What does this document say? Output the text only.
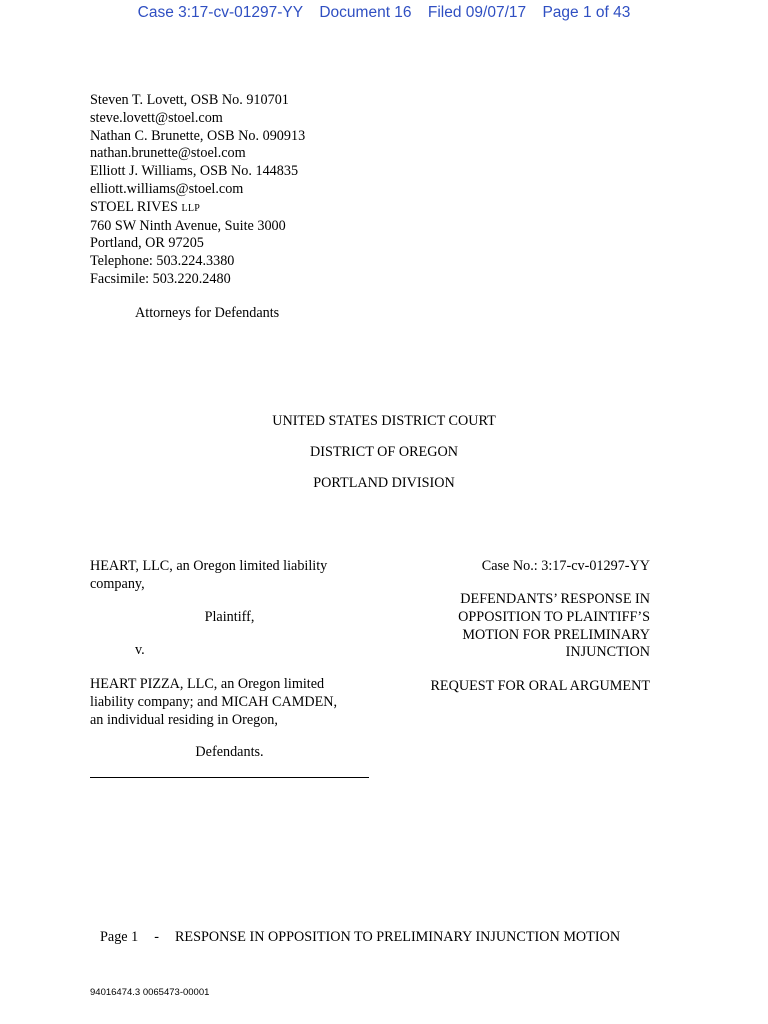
Case 3:17-cv-01297-YY Document 16 Filed 09/07/17 Page 1 of 43
Steven T. Lovett, OSB No. 910701
steve.lovett@stoel.com
Nathan C. Brunette, OSB No. 090913
nathan.brunette@stoel.com
Elliott J. Williams, OSB No. 144835
elliott.williams@stoel.com
STOEL RIVES LLP
760 SW Ninth Avenue, Suite 3000
Portland, OR 97205
Telephone: 503.224.3380
Facsimile: 503.220.2480
Attorneys for Defendants
UNITED STATES DISTRICT COURT
DISTRICT OF OREGON
PORTLAND DIVISION
HEART, LLC, an Oregon limited liability
company,
Plaintiff,
v.
HEART PIZZA, LLC, an Oregon limited
liability company; and MICAH CAMDEN,
an individual residing in Oregon,
Defendants.
Case No.: 3:17-cv-01297-YY
DEFENDANTS’ RESPONSE IN
OPPOSITION TO PLAINTIFF’S
MOTION FOR PRELIMINARY
INJUNCTION
REQUEST FOR ORAL ARGUMENT
Page 1 - RESPONSE IN OPPOSITION TO PRELIMINARY INJUNCTION MOTION
94016474.3 0065473-00001
